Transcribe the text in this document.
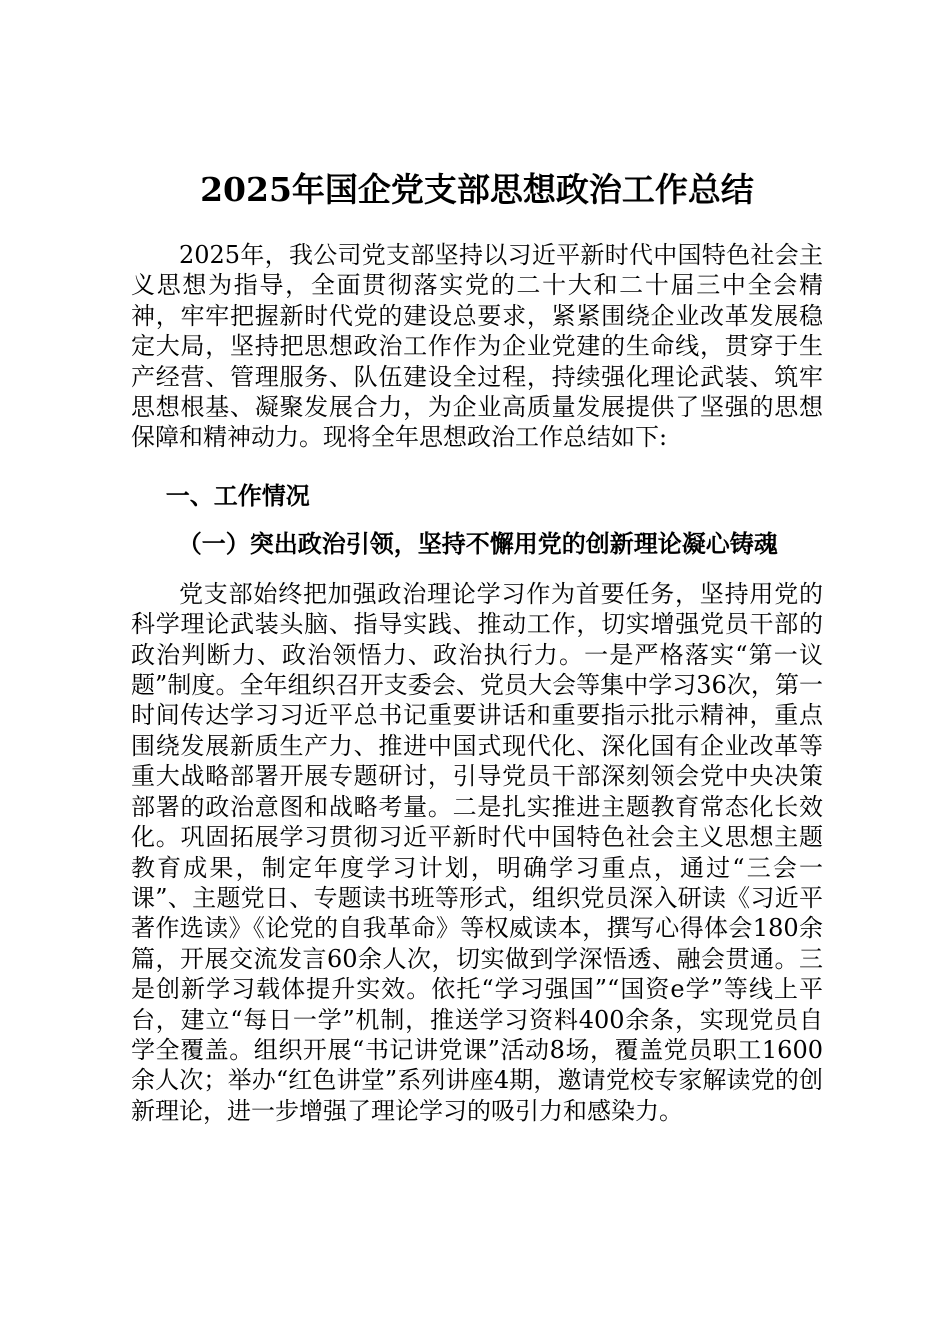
2025年国企党支部思想政治工作总结

2025年，我公司党支部坚持以习近平新时代中国特色社会主义思想为指导，全面贯彻落实党的二十大和二十届三中全会精神，牢牢把握新时代党的建设总要求，紧紧围绕企业改革发展稳定大局，坚持把思想政治工作作为企业党建的生命线，贯穿于生产经营、管理服务、队伍建设全过程，持续强化理论武装、筑牢思想根基、凝聚发展合力，为企业高质量发展提供了坚强的思想保障和精神动力。现将全年思想政治工作总结如下:

一、工作情况
（一）突出政治引领，坚持不懈用党的创新理论凝心铸魂

党支部始终把加强政治理论学习作为首要任务，坚持用党的科学理论武装头脑、指导实践、推动工作，切实增强党员干部的政治判断力、政治领悟力、政治执行力。一是严格落实“第一议题”制度。全年组织召开支委会、党员大会等集中学习36次，第一时间传达学习习近平总书记重要讲话和重要指示批示精神，重点围绕发展新质生产力、推进中国式现代化、深化国有企业改革等重大战略部署开展专题研讨，引导党员干部深刻领会党中央决策部署的政治意图和战略考量。二是扎实推进主题教育常态化长效化。巩固拓展学习贯彻习近平新时代中国特色社会主义思想主题教育成果，制定年度学习计划，明确学习重点，通过“三会一课”、主题党日、专题读书班等形式，组织党员深入研读《习近平著作选读》《论党的自我革命》等权威读本，撰写心得体会180余篇，开展交流发言60余人次，切实做到学深悟透、融会贯通。三是创新学习载体提升实效。依托“学习强国”“国资e学”等线上平台，建立“每日一学”机制，推送学习资料400余条，实现党员自学全覆盖。组织开展“书记讲党课”活动8场，覆盖党员职工1600余人次；举办“红色讲堂”系列讲座4期，邀请党校专家解读党的创新理论，进一步增强了理论学习的吸引力和感染力。
